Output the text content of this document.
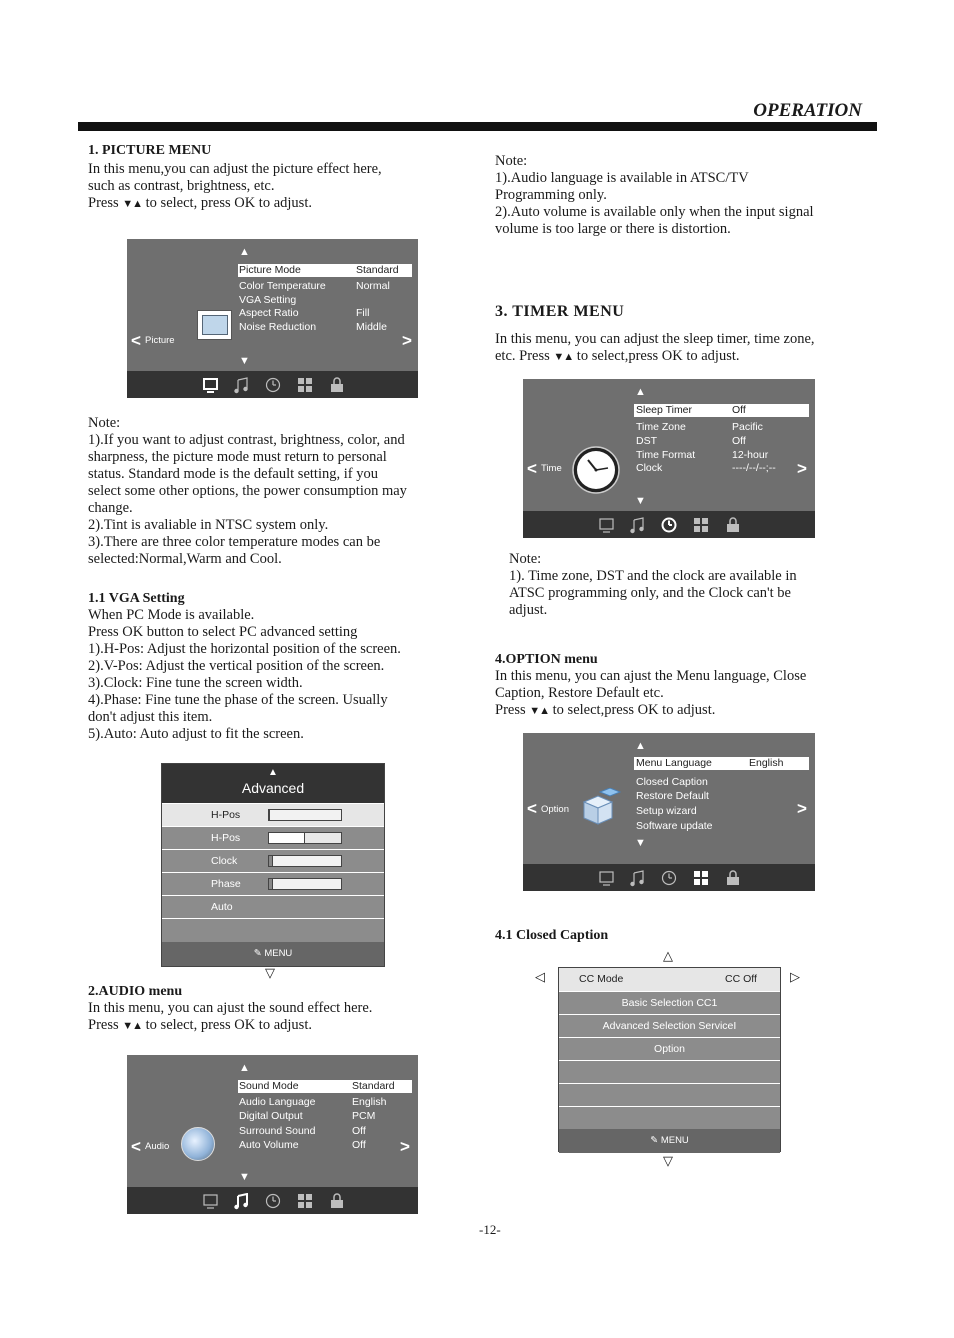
OPERATION
1. PICTURE MENU
In this menu,you can adjust the picture effect here,
such as contrast, brightness, etc.
Press ▼▲ to select, press OK to adjust.
▲
Picture Mode	Standard
Color Temperature	Normal
VGA Setting
Aspect Ratio	Fill
Noise Reduction	Middle
< Picture	>
▼
Note:
1).If you want to adjust contrast, brightness, color, and
sharpness, the picture mode must return to personal
status. Standard mode is the default setting, if you
select some other options, the power consumption may
change.
2).Tint is avaliable in NTSC system only.
3).There are three color temperature modes can be
selected:Normal,Warm and Cool.
1.1 VGA Setting
When PC Mode is available.
Press OK button to select PC advanced setting
1).H-Pos: Adjust the horizontal position of the screen.
2).V-Pos: Adjust the vertical position of the screen.
3).Clock: Fine tune the screen width.
4).Phase: Fine tune the phase of the screen. Usually
don't adjust this item.
5).Auto: Auto adjust to fit the screen.
▲
Advanced
H-Pos
H-Pos
Clock
Phase
Auto
✎ MENU
▽
2.AUDIO menu
In this menu, you can ajust the sound effect here.
Press ▼▲ to select, press OK to adjust.
▲
Sound Mode	Standard
Audio Language	English
Digital Output	PCM
Surround Sound	Off
Auto Volume	Off
< Audio	>
▼
Note:
1).Audio language is available in ATSC/TV
Programming only.
2).Auto volume is available only when the input signal
volume is too large or there is distortion.
3. TIMER MENU
In this menu, you can adjust the sleep timer, time zone,
etc. Press ▼▲ to select,press OK to adjust.
▲
Sleep Timer	Off
Time Zone	Pacific
DST	Off
Time Format	12-hour
Clock	----/--/--;--
< Time	>
▼
Note:
1). Time zone, DST and the clock are available in
ATSC programming only, and the Clock can't be
adjust.
4.OPTION menu
In this menu, you can ajust the Menu language, Close
Caption, Restore Default etc.
Press ▼▲ to select,press OK to adjust.
▲
Menu Language	English
Closed Caption
Restore Default
Setup wizard
Software update
< Option	>
▼
4.1 Closed Caption
△
◁	▷
CC Mode	CC Off
Basic Selection CC1
Advanced Selection ServiceI
Option
✎ MENU
▽
-12-
